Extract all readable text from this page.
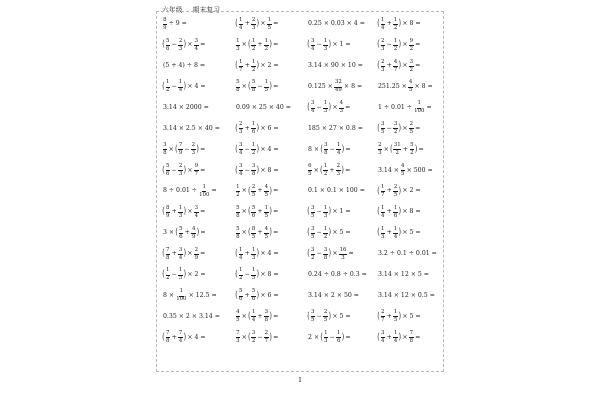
六年级 期末复习
$\frac{8}{9} \div 9$ =	( $\frac{1}{4} + \frac{2}{3}$ ) × $\frac{1}{5}$ =	0.25 × 0.03 × 4 = ( $\frac{1}{4} + \frac{1}{2}$ ) × 8 =
( $\frac{5}{6} - \frac{2}{3}$ ) × $\frac{3}{4}$ =	$\frac{1}{3}$ × ( $\frac{1}{2} + \frac{1}{2}$ ) =	( $\frac{3}{4} - \frac{1}{3}$ ) × 1 =	( $\frac{2}{3} - \frac{1}{2}$ ) × $\frac{9}{2}$ =
(5 + 4) ÷ 8 =	( $\frac{1}{7} + \frac{1}{2}$ ) × 2 =	3.14 × 90 × 10 = ( $\frac{2}{3} + \frac{4}{7}$ ) × $\frac{3}{2}$ =
( $\frac{1}{2} - \frac{1}{4}$ ) × 4 =	$\frac{5}{8}$ × ( $\frac{5}{8} - \frac{1}{5}$ ) =	$0.125 \times \frac{32}{49} \times 8$ =	$251.25 \times \frac{4}{5} \times 8$ =
3.14 × 2000 =	0.09 × 25 × 40 =	( $\frac{3}{4} - \frac{1}{3}$ ) × $\frac{4}{3}$ =	$1 \div 0.01 \div \frac{1}{100}$ =
3.14 × 2.5 × 40 =	( $\frac{2}{3} + \frac{1}{6}$ ) × 6 =	185 × 27 × 0.8 = ( $\frac{3}{5} - \frac{3}{2}$ ) × $\frac{2}{5}$ =
$\frac{3}{8}$ × ( $\frac{7}{9} - \frac{2}{3}$ ) =	( $\frac{3}{4} - \frac{1}{2}$ ) × 4 =	8 × ( $\frac{3}{8} - \frac{1}{4}$ ) =	$\frac{2}{3}$ × ( $\frac{31}{2} + \frac{5}{2}$ ) =
( $\frac{5}{6} - \frac{2}{3}$ ) × $\frac{9}{7}$ =	( $\frac{3}{4} - \frac{3}{8}$ ) × 8 =	$\frac{6}{5}$ × ( $\frac{1}{2} + \frac{2}{3}$ ) =	$3.14 \times \frac{4}{5} \times 500$ =
$8 \div 0.01 \div \frac{1}{100}$ =	$\frac{1}{2}$ × ( $\frac{2}{5} + \frac{4}{5}$ ) =	0.1 × 0.1 × 100 = ( $\frac{1}{7} + \frac{2}{5}$ ) × 2 =
( $\frac{8}{9} + \frac{1}{3}$ ) × $\frac{3}{4}$ =	$\frac{5}{8}$ × ( $\frac{5}{6} + \frac{1}{5}$ ) =	( $\frac{3}{5} - \frac{1}{3}$ ) × 1 =	( $\frac{1}{4} + \frac{1}{6}$ ) × 8 =
3 × ( $\frac{5}{6} + \frac{4}{9}$ ) =	$\frac{5}{8}$ × ( $\frac{8}{5} + \frac{4}{5}$ ) =	( $\frac{3}{5} - \frac{1}{2}$ ) × 5 =	( $\frac{1}{3} + \frac{1}{4}$ ) × 5 =
( $\frac{7}{8} + \frac{3}{4}$ ) × $\frac{2}{9}$ =	( $\frac{1}{4} + \frac{1}{3}$ ) × 4 =	( $\frac{3}{2} - \frac{3}{8}$ ) × $\frac{16}{3}$ =	3.2 ÷ 0.1 ÷ 0.01 =
( $\frac{1}{2} - \frac{1}{5}$ ) × 2 =	( $\frac{1}{2} - \frac{1}{5}$ ) × 8 =	0.24 ÷ 0.8 ÷ 0.3 = 3.14 × 12 × 5 =
$8 \times \frac{1}{100} \times 12.5$ =	( $\frac{5}{6} + \frac{5}{6}$ ) × 6 =	3.14 × 2 × 50 =	3.14 × 12 × 0.5 =
0.35 × 2 × 3.14 =	$\frac{4}{5}$ × ( $\frac{1}{4} + \frac{3}{8}$ ) =	( $\frac{3}{5} - \frac{2}{5}$ ) × 5 =	( $\frac{2}{7} + \frac{1}{5}$ ) × 5 =
( $\frac{7}{8} + \frac{7}{4}$ ) × 4 =	$\frac{7}{3}$ × ( $\frac{3}{2} - \frac{2}{7}$ ) =	2 × ( $\frac{1}{3} - \frac{1}{6}$ ) =	( $\frac{3}{4} + \frac{1}{4}$ ) × $\frac{7}{8}$ =
1
